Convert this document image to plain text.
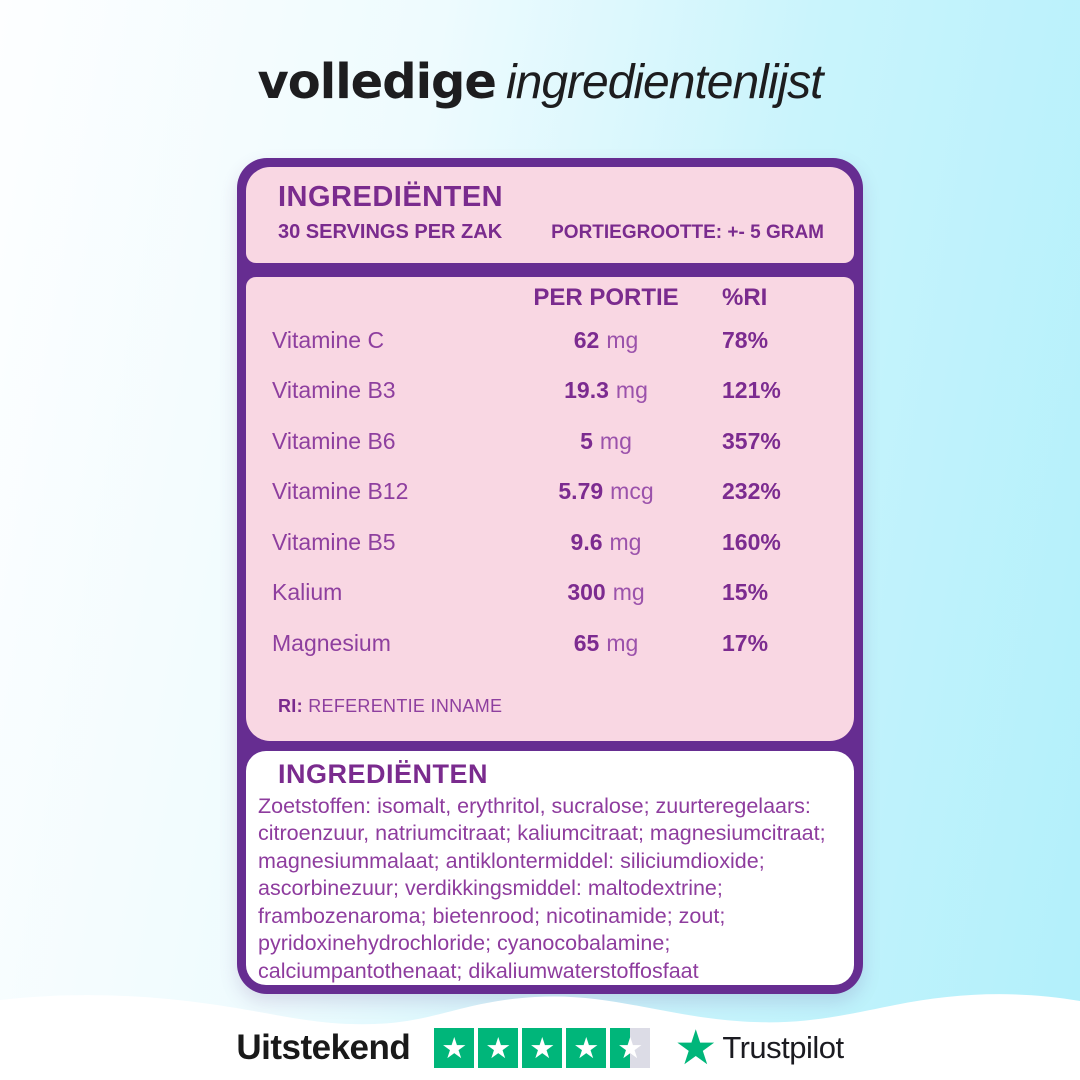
volledige ingredientenlijst
INGREDIËNTEN
30 SERVINGS PER ZAK	PORTIEGROOTTE: +- 5 GRAM
PER PORTIE	%RI
Vitamine C	62 mg	78%
Vitamine B3	19.3 mg	121%
Vitamine B6	5 mg	357%
Vitamine B12	5.79 mcg	232%
Vitamine B5	9.6 mg	160%
Kalium	300 mg	15%
Magnesium	65 mg	17%
RI: REFERENTIE INNAME
INGREDIËNTEN

Zoetstoffen: isomalt, erythritol, sucralose; zuurteregelaars: citroenzuur, natriumcitraat; kaliumcitraat; magnesiumcitraat; magnesiummalaat; antiklontermiddel: siliciumdioxide; ascorbinezuur; verdikkingsmiddel: maltodextrine; frambozenaroma; bietenrood; nicotinamide; zout; pyridoxinehydrochloride; cyanocobalamine; calciumpantothenaat; dikaliumwaterstoffosfaat

Uitstekend ★ ★ ★ ★ ★ ★ Trustpilot
